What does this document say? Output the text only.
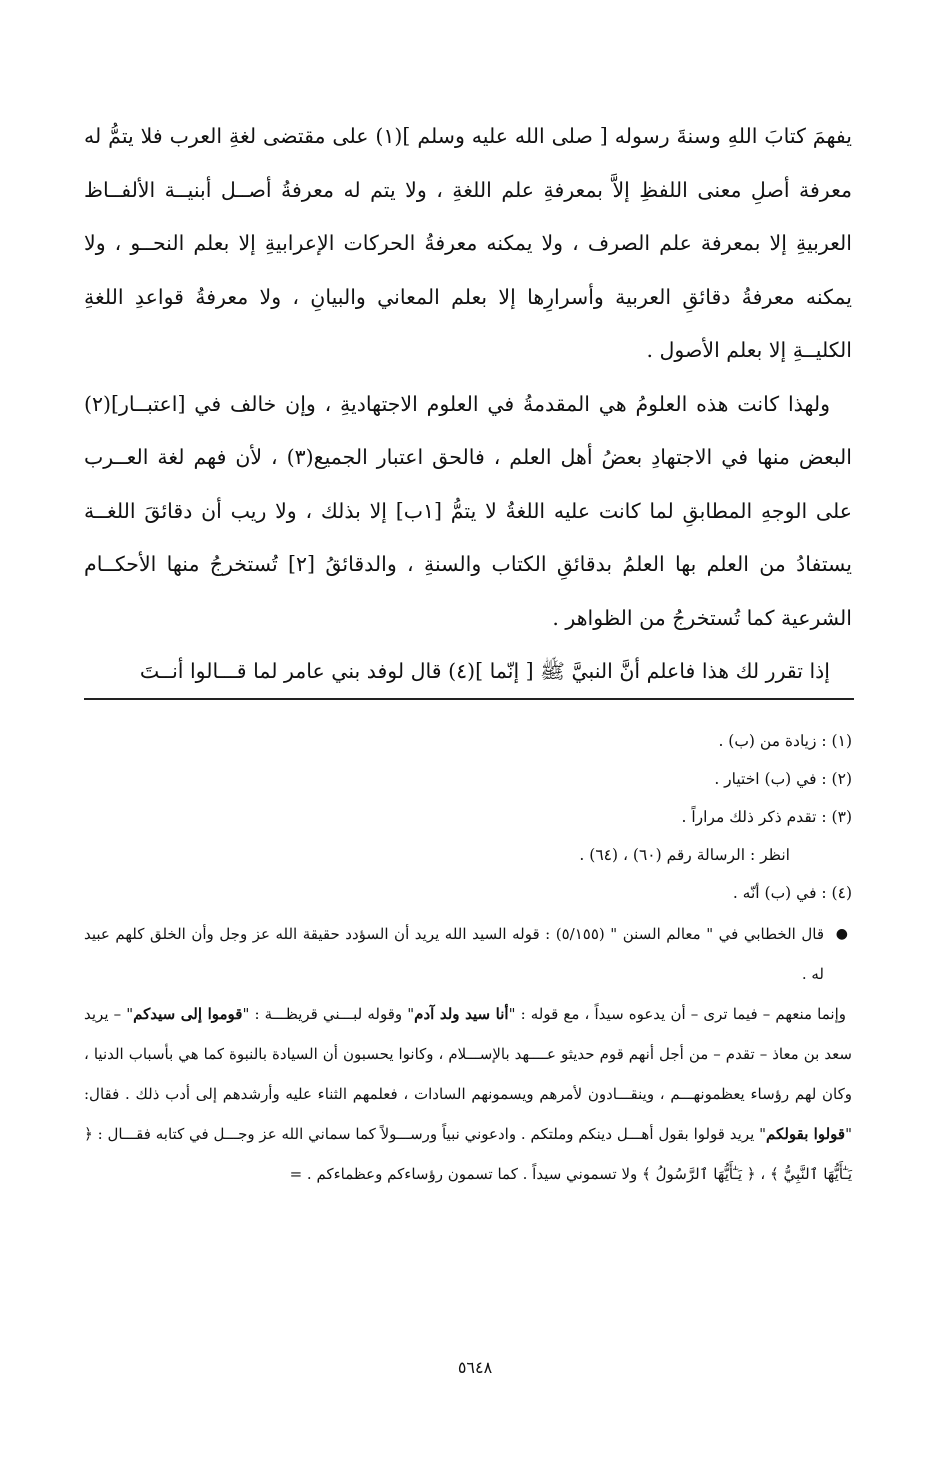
يفهمَ كتابَ اللهِ وسنةَ رسوله [ صلى الله عليه وسلم ](١) على مقتضى لغةِ العرب فلا يتمُّ له معرفة أصلِ معنى اللفظِ إلاَّ بمعرفةِ علم اللغةِ ، ولا يتم له معرفةُ أصــل أبنيــة الألفــاظ العربيةِ إلا بمعرفة علم الصرف ، ولا يمكنه معرفةُ الحركات الإعرابيةِ إلا بعلم النحــو ، ولا يمكنه معرفةُ دقائقِ العربية وأسرارِها إلا بعلم المعاني والبيانِ ، ولا معرفةُ قواعدِ اللغةِ الكليــةِ إلا بعلم الأصول .

ولهذا كانت هذه العلومُ هي المقدمةُ في العلوم الاجتهاديةِ ، وإن خالف في [اعتبــار](٢) البعض منها في الاجتهادِ بعضُ أهل العلم ، فالحق اعتبار الجميع(٣) ، لأن فهم لغة العــرب على الوجهِ المطابقِ لما كانت عليه اللغةُ لا يتمُّ [١ب] إلا بذلك ، ولا ريب أن دقائقَ اللغــة يستفادُ من العلم بها العلمُ بدقائقِ الكتاب والسنةِ ، والدقائقُ [٢] تُستخرجُ منها الأحكــام الشرعية كما تُستخرجُ من الظواهر .

إذا تقرر لك هذا فاعلم أنَّ النبيَّ ﷺ [ إنّما ](٤) قال لوفد بني عامر لما قـــالوا أنــتَ

(١) : زيادة من (ب) .

(٢) : في (ب) اختيار .

(٣) : تقدم ذكر ذلك مراراً .

انظر : الرسالة رقم (٦٠) ، (٦٤) .

(٤) : في (ب) أنّه .

●
قال الخطابي في " معالم السنن " (٥/١٥٥) : قوله السيد الله يريد أن السؤدد حقيقة الله عز وجل وأن الخلق كلهم عبيد له .

وإنما منعهم – فيما ترى – أن يدعوه سيداً ، مع قوله : "أنا سيد ولد آدم" وقوله لبـــني قريظـــة : "قوموا إلى سيدكم" – يريد سعد بن معاذ – تقدم – من أجل أنهم قوم حديثو عــــهد بالإســـلام ، وكانوا يحسبون أن السيادة بالنبوة كما هي بأسباب الدنيا ، وكان لهم رؤساء يعظمونهـــم ، وينقـــادون لأمرهم ويسمونهم السادات ، فعلمهم الثناء عليه وأرشدهم إلى أدب ذلك . فقال: "قولوا بقولكم" يريد قولوا بقول أهـــل دينكم وملتكم . وادعوني نبياً ورســـولاً كما سماني الله عز وجـــل في كتابه فقـــال : ﴿ يَـٰٓأَيُّهَا ٱلنَّبِيُّ ﴾ ، ﴿ يَـٰٓأَيُّهَا ٱلرَّسُولُ ﴾ ولا تسموني سيداً . كما تسمون رؤساءكم وعظماءكم . =

٥٦٤٨
